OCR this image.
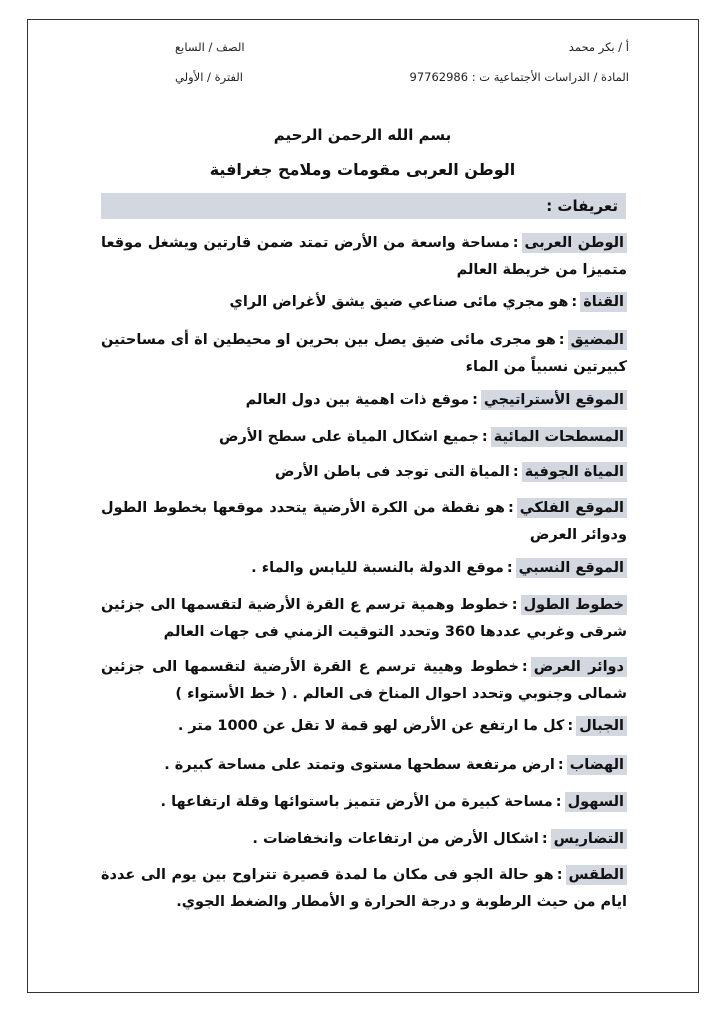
أ / بكر محمد
الصف / السابع
المادة / الدراسات الأجتماعية ت : 97762986
الفترة / الأولي
بسم الله الرحمن الرحيم
الوطن العربى مقومات وملامح جغرافية
تعريفات :
الوطن العربى:مساحة واسعة من الأرض تمتد ضمن قارتين ويشغل موقعا متميزا من خريطة العالم
القناة:هو مجري مائى صناعي ضيق يشق لأغراض الراي
المضيق:هو مجرى مائى ضيق يصل بين بحرين او محيطين اة أى مساحتين كبيرتين نسبياً من الماء
الموقع الأستراتيجي:موقع ذات اهمية بين دول العالم
المسطحات المائية:جميع اشكال المياة على سطح الأرض
المياة الجوفية:المياة التى توجد فى باطن الأرض
الموقع الفلكي:هو نقطة من الكرة الأرضية يتحدد موقعها بخطوط الطول ودوائر العرض
الموقع النسبي:موقع الدولة بالنسبة لليابس والماء .
خطوط الطول:خطوط وهمية ترسم ع القرة الأرضية لتقسمها الى جزئين شرقى وغربي عددها 360 وتحدد التوقيت الزمني فى جهات العالم
دوائر العرض:خطوط وهيية ترسم ع القرة الأرضية لتقسمها الى جزئين شمالى وجنوبي وتحدد احوال المناخ فى العالم . ( خط الأستواء )
الجبال:كل ما ارتفع عن الأرض لهو قمة لا تقل عن 1000 متر .
الهضاب:ارض مرتفعة سطحها مستوى وتمتد على مساحة كبيرة .
السهول:مساحة كبيرة من الأرض تتميز باستوائها وقلة ارتفاعها .
التضاريس:اشكال الأرض من ارتفاعات وانخفاضات .
الطقس:هو حالة الجو فى مكان ما لمدة قصيرة تتراوح بين يوم الى عددة ايام من حيث الرطوبة و درجة الحرارة و الأمطار والضغط الجوي.
